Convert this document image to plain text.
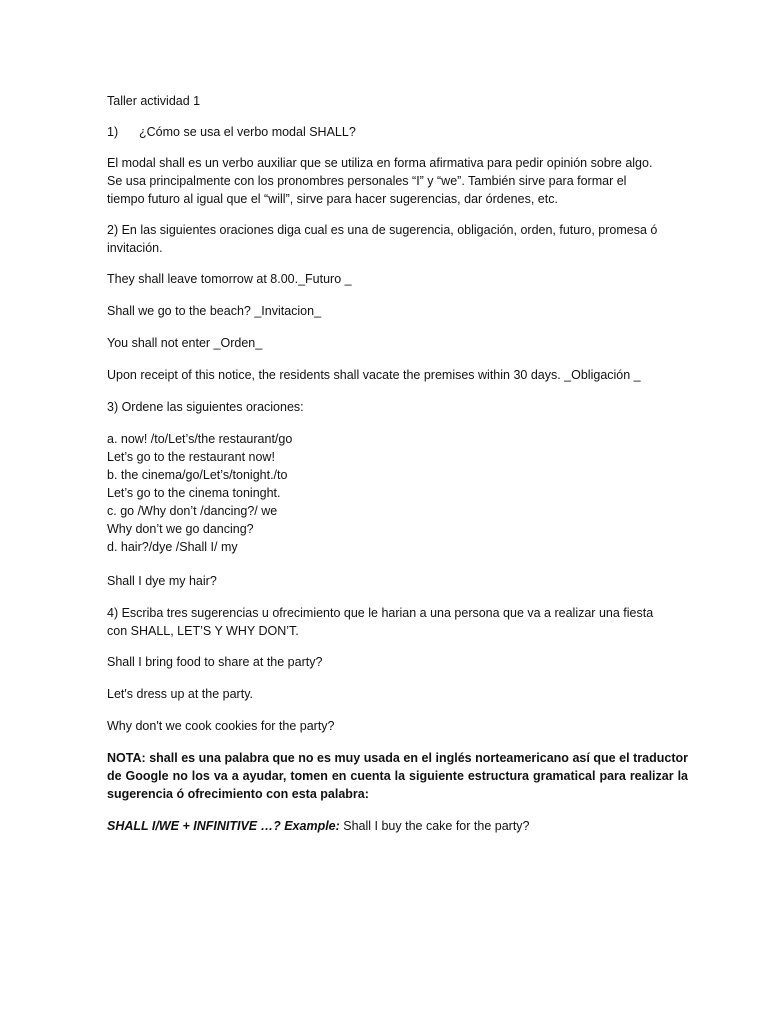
Taller actividad 1

1) ¿Cómo se usa el verbo modal SHALL?

El modal shall es un verbo auxiliar que se utiliza en forma afirmativa para pedir opinión sobre algo.
Se usa principalmente con los pronombres personales “I” y “we”. También sirve para formar el
tiempo futuro al igual que el “will”, sirve para hacer sugerencias, dar órdenes, etc.
2) En las siguientes oraciones diga cual es una de sugerencia, obligación, orden, futuro, promesa ó
invitación.

They shall leave tomorrow at 8.00._Futuro _

Shall we go to the beach? _Invitacion_

You shall not enter _Orden_

Upon receipt of this notice, the residents shall vacate the premises within 30 days. _Obligación _

3) Ordene las siguientes oraciones:

a. now! /to/Let’s/the restaurant/go
Let’s go to the restaurant now!
b. the cinema/go/Let’s/tonight./to
Let’s go to the cinema toninght.
c. go /Why don’t /dancing?/ we
Why don’t we go dancing?
d. hair?/dye /Shall I/ my

Shall I dye my hair?

4) Escriba tres sugerencias u ofrecimiento que le harian a una persona que va a realizar una fiesta
con SHALL, LET’S Y WHY DON’T.

Shall I bring food to share at the party?

Let's dress up at the party.

Why don't we cook cookies for the party?

NOTA: shall es una palabra que no es muy usada en el inglés norteamericano así que el traductor de Google no los va a ayudar, tomen en cuenta la siguiente estructura gramatical para realizar la sugerencia ó ofrecimiento con esta palabra:

SHALL I/WE + INFINITIVE …? Example: Shall I buy the cake for the party?
